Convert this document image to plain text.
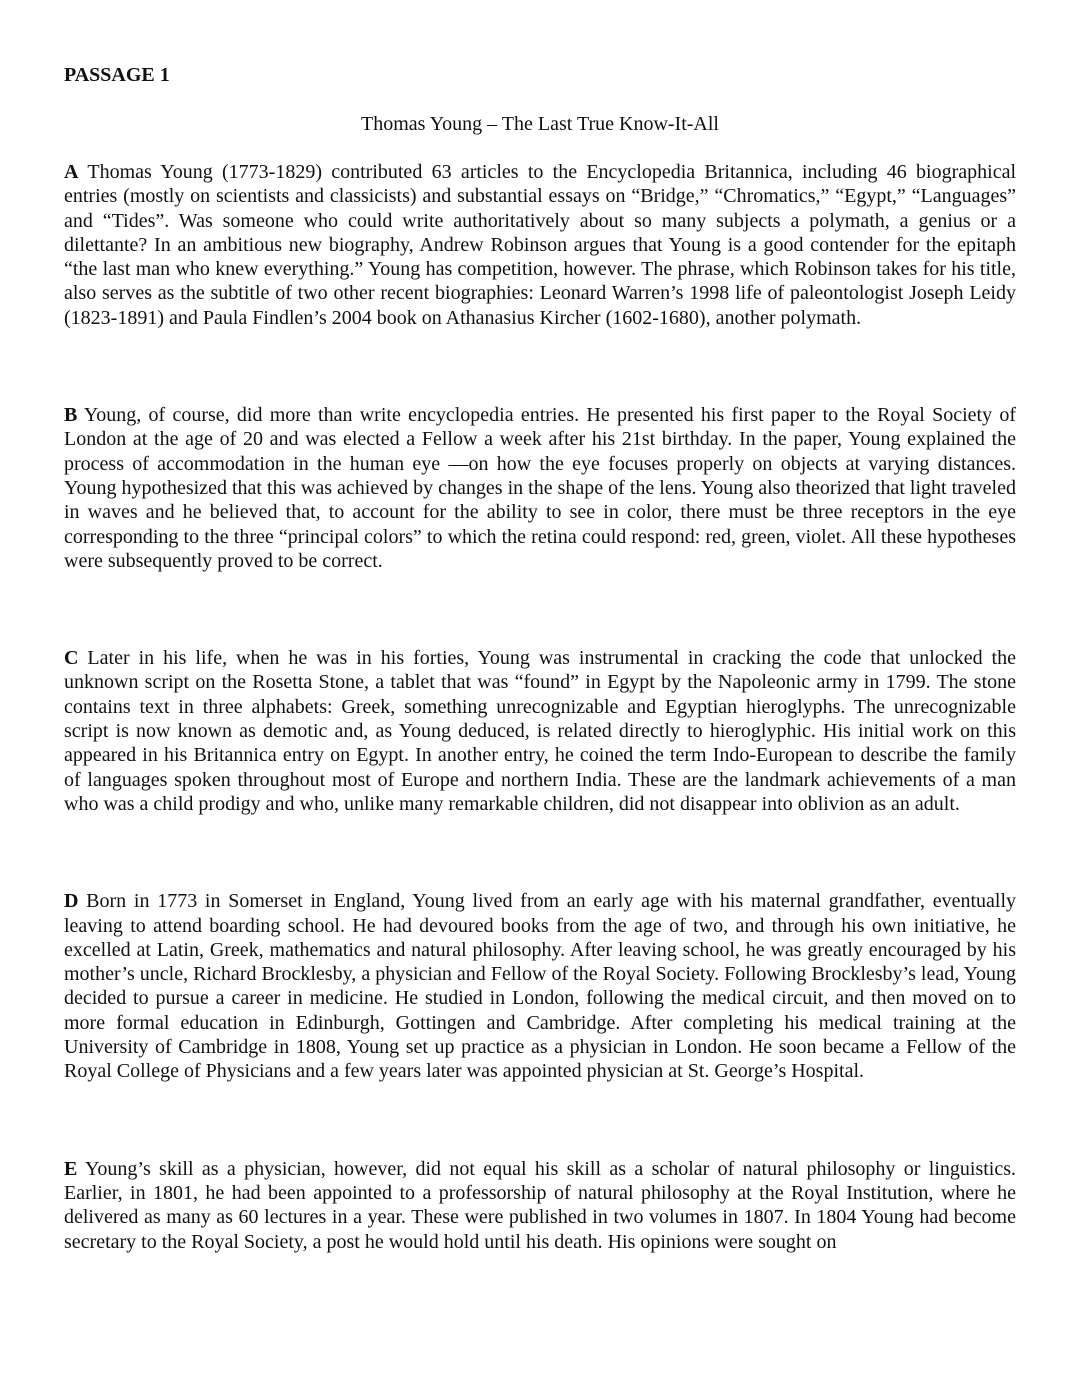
PASSAGE 1

Thomas Young – The Last True Know-It-All

A Thomas Young (1773-1829) contributed 63 articles to the Encyclopedia Britannica, including 46 biographical entries (mostly on scientists and classicists) and substantial essays on “Bridge,” “Chromatics,” “Egypt,” “Languages” and “Tides”. Was someone who could write authoritatively about so many subjects a polymath, a genius or a dilettante? In an ambitious new biography, Andrew Robinson argues that Young is a good contender for the epitaph “the last man who knew everything.” Young has competition, however. The phrase, which Robinson takes for his title, also serves as the subtitle of two other recent biographies: Leonard Warren’s 1998 life of paleontologist Joseph Leidy (1823-1891) and Paula Findlen’s 2004 book on Athanasius Kircher (1602-1680), another polymath.

B Young, of course, did more than write encyclopedia entries. He presented his first paper to the Royal Society of London at the age of 20 and was elected a Fellow a week after his 21st birthday. In the paper, Young explained the process of accommodation in the human eye —on how the eye focuses properly on objects at varying distances. Young hypothesized that this was achieved by changes in the shape of the lens. Young also theorized that light traveled in waves and he believed that, to account for the ability to see in color, there must be three receptors in the eye corresponding to the three “principal colors” to which the retina could respond: red, green, violet. All these hypotheses were subsequently proved to be correct.

C Later in his life, when he was in his forties, Young was instrumental in cracking the code that unlocked the unknown script on the Rosetta Stone, a tablet that was “found” in Egypt by the Napoleonic army in 1799. The stone contains text in three alphabets: Greek, something unrecognizable and Egyptian hieroglyphs. The unrecognizable script is now known as demotic and, as Young deduced, is related directly to hieroglyphic. His initial work on this appeared in his Britannica entry on Egypt. In another entry, he coined the term Indo-European to describe the family of languages spoken throughout most of Europe and northern India. These are the landmark achievements of a man who was a child prodigy and who, unlike many remarkable children, did not disappear into oblivion as an adult.

D Born in 1773 in Somerset in England, Young lived from an early age with his maternal grandfather, eventually leaving to attend boarding school. He had devoured books from the age of two, and through his own initiative, he excelled at Latin, Greek, mathematics and natural philosophy. After leaving school, he was greatly encouraged by his mother’s uncle, Richard Brocklesby, a physician and Fellow of the Royal Society. Following Brocklesby’s lead, Young decided to pursue a career in medicine. He studied in London, following the medical circuit, and then moved on to more formal education in Edinburgh, Gottingen and Cambridge. After completing his medical training at the University of Cambridge in 1808, Young set up practice as a physician in London. He soon became a Fellow of the Royal College of Physicians and a few years later was appointed physician at St. George’s Hospital.

E Young’s skill as a physician, however, did not equal his skill as a scholar of natural philosophy or linguistics. Earlier, in 1801, he had been appointed to a professorship of natural philosophy at the Royal Institution, where he delivered as many as 60 lectures in a year. These were published in two volumes in 1807. In 1804 Young had become secretary to the Royal Society, a post he would hold until his death. His opinions were sought on
